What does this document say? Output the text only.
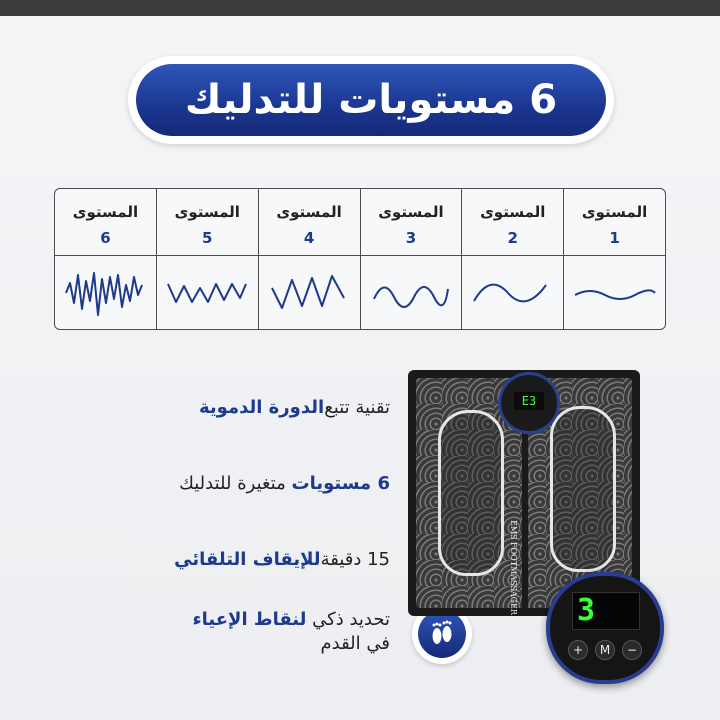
6 مستويات للتدليك
المستوى
1
المستوى
2
المستوى
3
المستوى
4
المستوى
5
المستوى
6
تقنية تتبع
الدورة الدموية
6 مستويات

متغيرة للتدليك
15 دقيقة
للإيقاف التلقائي
تحديد ذكي لنقاط الإعياء
في القدم
EMS FOOTMASSAGER
E3
3
+	M	−
